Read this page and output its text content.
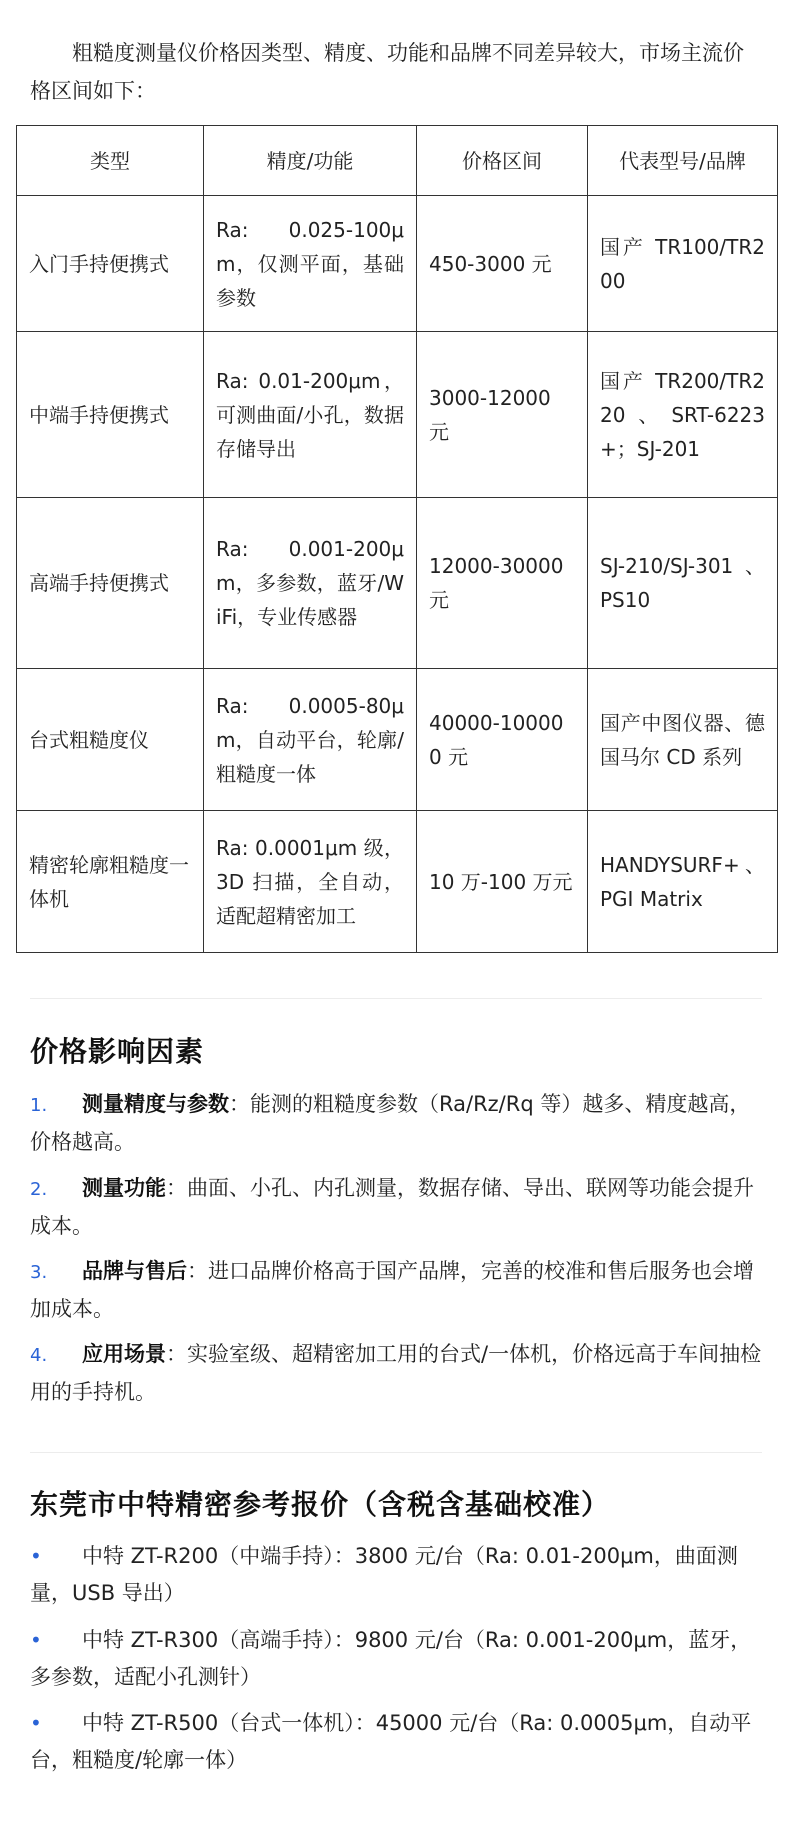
粗糙度测量仪价格因类型、精度、功能和品牌不同差异较大，市场主流价格区间如下：

类型	精度/功能	价格区间	代表型号/品牌
入门手持便携式	Ra: 0.025-100μm，仅测平面，基础参数	450-3000 元	国产 TR100/TR200
中端手持便携式	Ra: 0.01-200μm，可测曲面/小孔，数据存储导出	3000-12000 元	国产 TR200/TR220、SRT-6223+；SJ-201
高端手持便携式	Ra: 0.001-200μm，多参数，蓝牙/WiFi，专业传感器	12000-30000 元	SJ-210/SJ-301、PS10
台式粗糙度仪	Ra: 0.0005-80μm，自动平台，轮廓/粗糙度一体	40000-100000 元	国产中图仪器、德国马尔 CD 系列
精密轮廓粗糙度一体机	Ra: 0.0001μm 级，3D 扫描，全自动，适配超精密加工	10 万-100 万元	HANDYSURF+、PGI Matrix
价格影响因素
1. 测量精度与参数：能测的粗糙度参数（Ra/Rz/Rq 等）越多、精度越高，价格越高。
2. 测量功能：曲面、小孔、内孔测量，数据存储、导出、联网等功能会提升成本。
3. 品牌与售后：进口品牌价格高于国产品牌，完善的校准和售后服务也会增加成本。
4. 应用场景：实验室级、超精密加工用的台式/一体机，价格远高于车间抽检用的手持机。
东莞市中特精密参考报价（含税含基础校准）
• 中特 ZT-R200（中端手持）：3800 元/台（Ra: 0.01-200μm，曲面测量，USB 导出）
• 中特 ZT-R300（高端手持）：9800 元/台（Ra: 0.001-200μm，蓝牙，多参数，适配小孔测针）
• 中特 ZT-R500（台式一体机）：45000 元/台（Ra: 0.0005μm，自动平台，粗糙度/轮廓一体）
